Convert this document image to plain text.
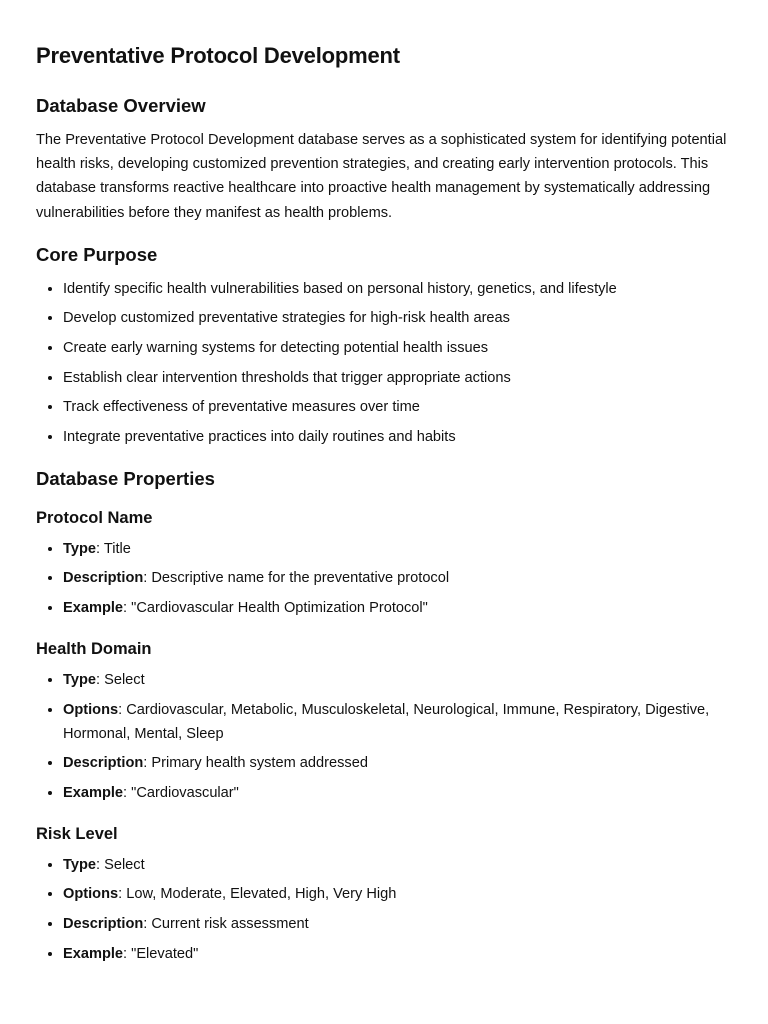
Preventative Protocol Development
Database Overview

The Preventative Protocol Development database serves as a sophisticated system for identifying potential health risks, developing customized prevention strategies, and creating early intervention protocols. This database transforms reactive healthcare into proactive health management by systematically addressing vulnerabilities before they manifest as health problems.

Core Purpose
• Identify specific health vulnerabilities based on personal history, genetics, and lifestyle
• Develop customized preventative strategies for high-risk health areas
• Create early warning systems for detecting potential health issues
• Establish clear intervention thresholds that trigger appropriate actions
• Track effectiveness of preventative measures over time
• Integrate preventative practices into daily routines and habits
Database Properties
Protocol Name
• Type: Title
• Description: Descriptive name for the preventative protocol
• Example: "Cardiovascular Health Optimization Protocol"
Health Domain
• Type: Select
• Options: Cardiovascular, Metabolic, Musculoskeletal, Neurological, Immune, Respiratory, Digestive, Hormonal, Mental, Sleep
• Description: Primary health system addressed
• Example: "Cardiovascular"
Risk Level
• Type: Select
• Options: Low, Moderate, Elevated, High, Very High
• Description: Current risk assessment
• Example: "Elevated"
